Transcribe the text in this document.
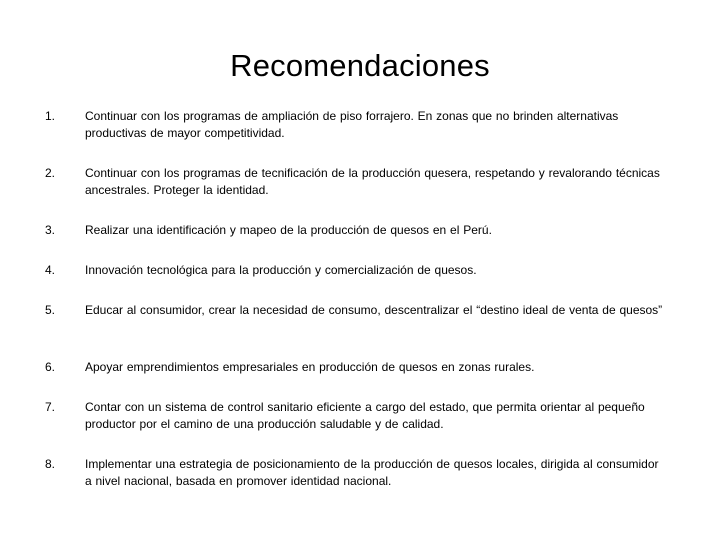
Recomendaciones
1. Continuar con los programas de ampliación de piso forrajero. En zonas que no brinden alternativas productivas de mayor competitividad.
2. Continuar con los programas de tecnificación de la producción quesera, respetando y revalorando técnicas ancestrales. Proteger la identidad.
3. Realizar una identificación y mapeo de la producción de quesos en el Perú.
4. Innovación tecnológica para la producción y comercialización de quesos.
5. Educar al consumidor, crear la necesidad de consumo, descentralizar el “destino ideal de venta de quesos”
6. Apoyar emprendimientos empresariales en producción de quesos en zonas rurales.
7. Contar con un sistema de control sanitario eficiente a cargo del estado, que permita orientar al pequeño productor por el camino de una producción saludable y de calidad.
8. Implementar una estrategia de posicionamiento de la producción de quesos locales, dirigida al consumidor a nivel nacional, basada en promover identidad nacional.
